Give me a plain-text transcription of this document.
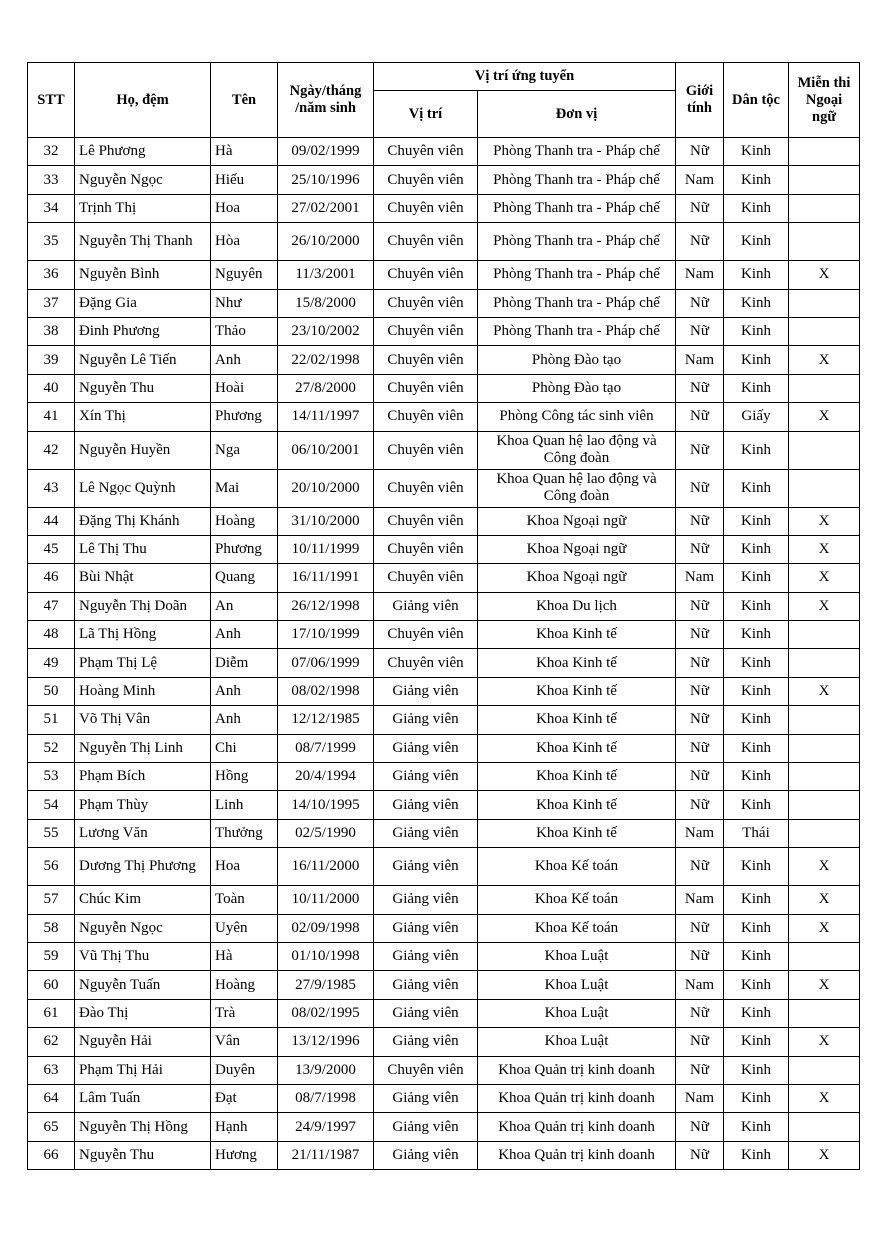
STT	Họ, đệm	Tên	Ngày/tháng /năm sinh	Vị trí ứng tuyển		Giới tính	Dân tộc	Miễn thi Ngoại ngữ
				Vị trí	Đơn vị			
32	Lê Phương	Hà	09/02/1999	Chuyên viên	Phòng Thanh tra - Pháp chế	Nữ	Kinh	
33	Nguyễn Ngọc	Hiếu	25/10/1996	Chuyên viên	Phòng Thanh tra - Pháp chế	Nam	Kinh	
34	Trịnh Thị	Hoa	27/02/2001	Chuyên viên	Phòng Thanh tra - Pháp chế	Nữ	Kinh	
35	Nguyễn Thị Thanh	Hòa	26/10/2000	Chuyên viên	Phòng Thanh tra - Pháp chế	Nữ	Kinh	
36	Nguyễn Bình	Nguyên	11/3/2001	Chuyên viên	Phòng Thanh tra - Pháp chế	Nam	Kinh	X
37	Đặng Gia	Như	15/8/2000	Chuyên viên	Phòng Thanh tra - Pháp chế	Nữ	Kinh	
38	Đinh Phương	Thảo	23/10/2002	Chuyên viên	Phòng Thanh tra - Pháp chế	Nữ	Kinh	
39	Nguyễn Lê Tiến	Anh	22/02/1998	Chuyên viên	Phòng Đào tạo	Nam	Kinh	X
40	Nguyễn Thu	Hoài	27/8/2000	Chuyên viên	Phòng Đào tạo	Nữ	Kinh	
41	Xín Thị	Phương	14/11/1997	Chuyên viên	Phòng Công tác sinh viên	Nữ	Giấy	X
42	Nguyễn Huyền	Nga	06/10/2001	Chuyên viên	Khoa Quan hệ lao động và Công đoàn	Nữ	Kinh	
43	Lê Ngọc Quỳnh	Mai	20/10/2000	Chuyên viên	Khoa Quan hệ lao động và Công đoàn	Nữ	Kinh	
44	Đặng Thị Khánh	Hoàng	31/10/2000	Chuyên viên	Khoa Ngoại ngữ	Nữ	Kinh	X
45	Lê Thị Thu	Phương	10/11/1999	Chuyên viên	Khoa Ngoại ngữ	Nữ	Kinh	X
46	Bùi Nhật	Quang	16/11/1991	Chuyên viên	Khoa Ngoại ngữ	Nam	Kinh	X
47	Nguyễn Thị Doãn	An	26/12/1998	Giảng viên	Khoa Du lịch	Nữ	Kinh	X
48	Lã Thị Hồng	Anh	17/10/1999	Chuyên viên	Khoa Kinh tế	Nữ	Kinh	
49	Phạm Thị Lệ	Diễm	07/06/1999	Chuyên viên	Khoa Kinh tế	Nữ	Kinh	
50	Hoàng Minh	Anh	08/02/1998	Giảng viên	Khoa Kinh tế	Nữ	Kinh	X
51	Võ Thị Vân	Anh	12/12/1985	Giảng viên	Khoa Kinh tế	Nữ	Kinh	
52	Nguyễn Thị Linh	Chi	08/7/1999	Giảng viên	Khoa Kinh tế	Nữ	Kinh	
53	Phạm Bích	Hồng	20/4/1994	Giảng viên	Khoa Kinh tế	Nữ	Kinh	
54	Phạm Thùy	Linh	14/10/1995	Giảng viên	Khoa Kinh tế	Nữ	Kinh	
55	Lương Văn	Thưởng	02/5/1990	Giảng viên	Khoa Kinh tế	Nam	Thái	
56	Dương Thị Phương	Hoa	16/11/2000	Giảng viên	Khoa Kế toán	Nữ	Kinh	X
57	Chúc Kim	Toàn	10/11/2000	Giảng viên	Khoa Kế toán	Nam	Kinh	X
58	Nguyễn Ngọc	Uyên	02/09/1998	Giảng viên	Khoa Kế toán	Nữ	Kinh	X
59	Vũ Thị Thu	Hà	01/10/1998	Giảng viên	Khoa Luật	Nữ	Kinh	
60	Nguyễn Tuấn	Hoàng	27/9/1985	Giảng viên	Khoa Luật	Nam	Kinh	X
61	Đào Thị	Trà	08/02/1995	Giảng viên	Khoa Luật	Nữ	Kinh	
62	Nguyễn Hải	Vân	13/12/1996	Giảng viên	Khoa Luật	Nữ	Kinh	X
63	Phạm Thị Hải	Duyên	13/9/2000	Chuyên viên	Khoa Quản trị kinh doanh	Nữ	Kinh	
64	Lâm Tuấn	Đạt	08/7/1998	Giảng viên	Khoa Quản trị kinh doanh	Nam	Kinh	X
65	Nguyễn Thị Hồng	Hạnh	24/9/1997	Giảng viên	Khoa Quản trị kinh doanh	Nữ	Kinh	
66	Nguyễn Thu	Hương	21/11/1987	Giảng viên	Khoa Quản trị kinh doanh	Nữ	Kinh	X
